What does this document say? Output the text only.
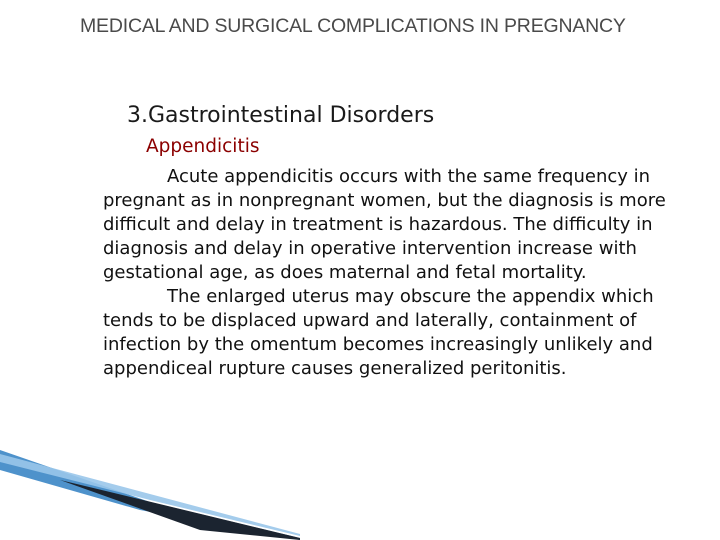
MEDICAL AND SURGICAL COMPLICATIONS IN PREGNANCY
3.Gastrointestinal Disorders
Appendicitis

Acute appendicitis occurs with the same frequency in pregnant as in nonpregnant women, but the diagnosis is more difficult and delay in treatment is hazardous. The difficulty in diagnosis and delay in operative intervention increase with gestational age, as does maternal and fetal mortality.

The enlarged uterus may obscure the appendix which tends to be displaced upward and laterally, containment of infection by the omentum becomes increasingly unlikely and appendiceal rupture causes generalized peritonitis.
